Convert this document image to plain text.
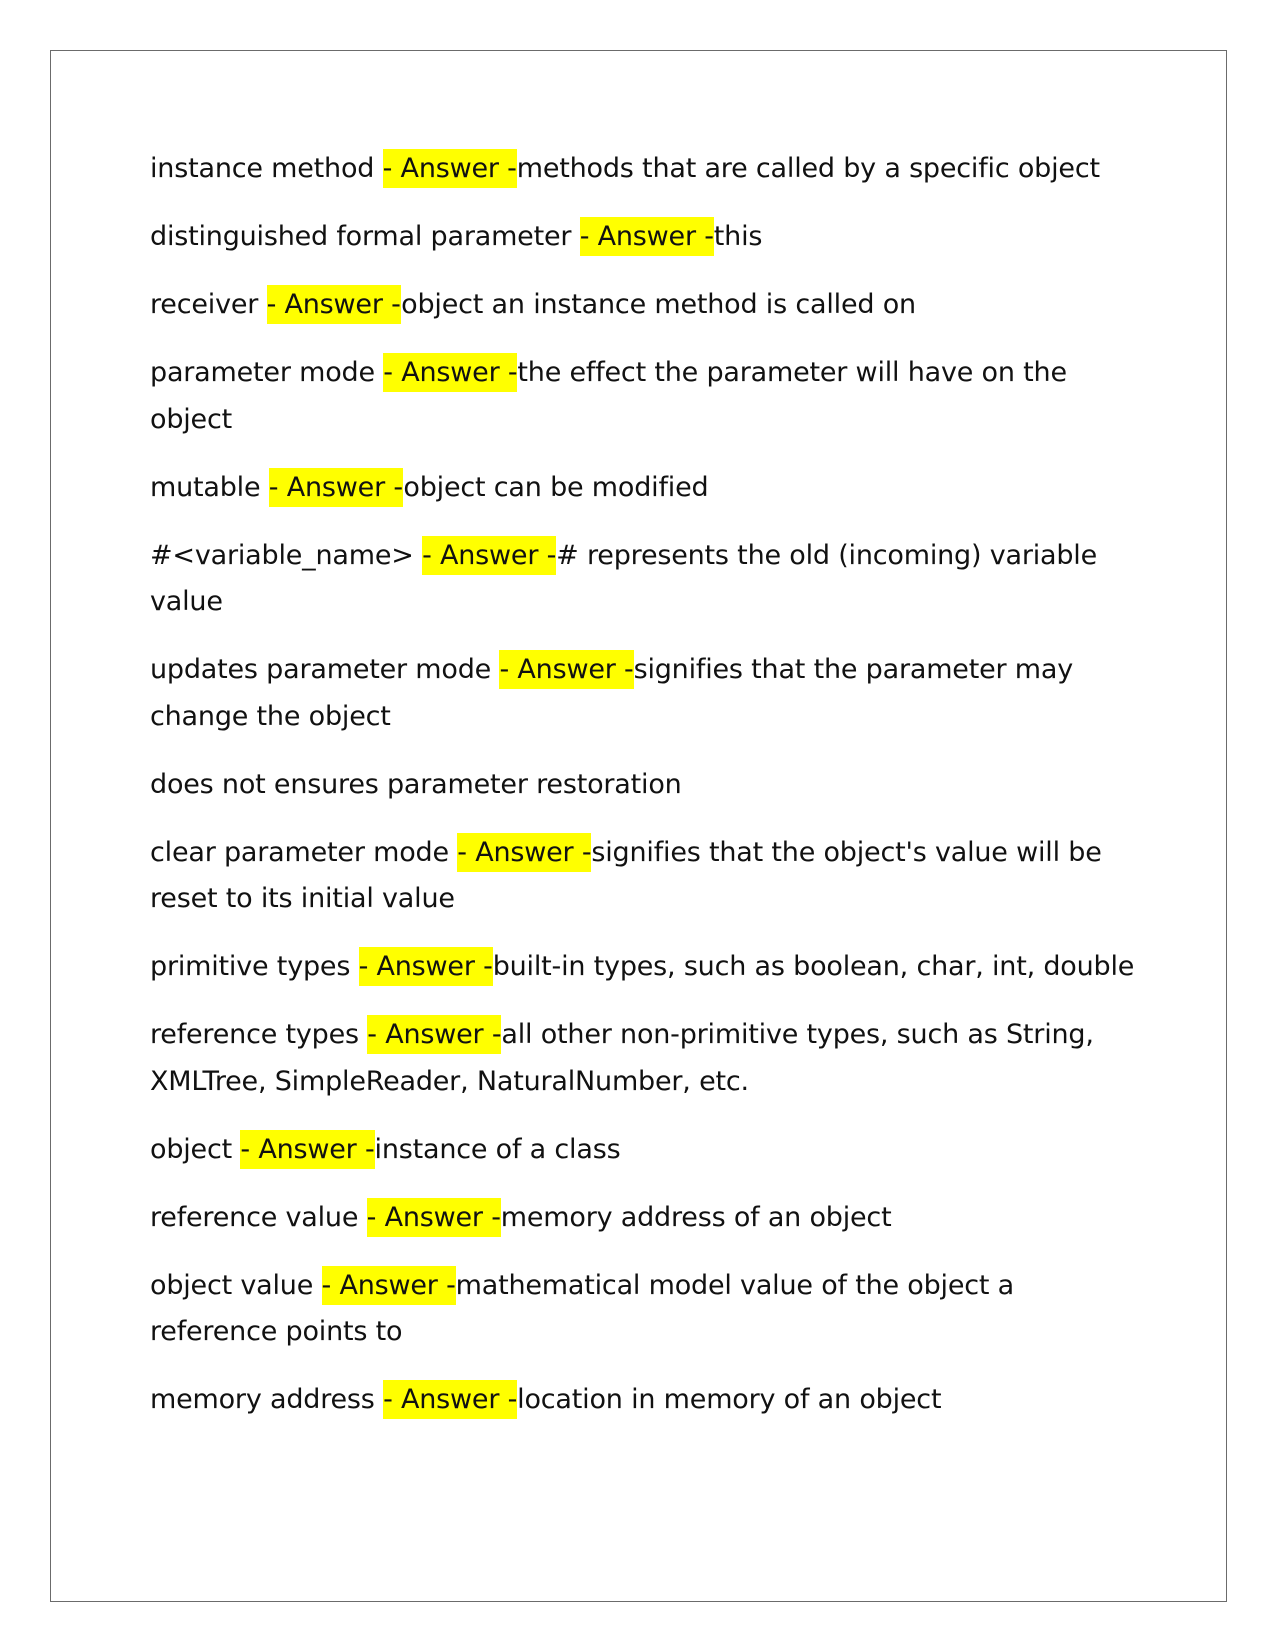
instance method - Answer -methods that are called by a specific object
distinguished formal parameter - Answer -this
receiver - Answer -object an instance method is called on
parameter mode - Answer -the effect the parameter will have on the object
mutable - Answer -object can be modified
#<variable_name> - Answer -# represents the old (incoming) variable value
updates parameter mode - Answer -signifies that the parameter may change the object
does not ensures parameter restoration
clear parameter mode - Answer -signifies that the object's value will be reset to its initial value
primitive types - Answer -built-in types, such as boolean, char, int, double
reference types - Answer -all other non-primitive types, such as String, XMLTree, SimpleReader, NaturalNumber, etc.
object - Answer -instance of a class
reference value - Answer -memory address of an object
object value - Answer -mathematical model value of the object a reference points to
memory address - Answer -location in memory of an object
